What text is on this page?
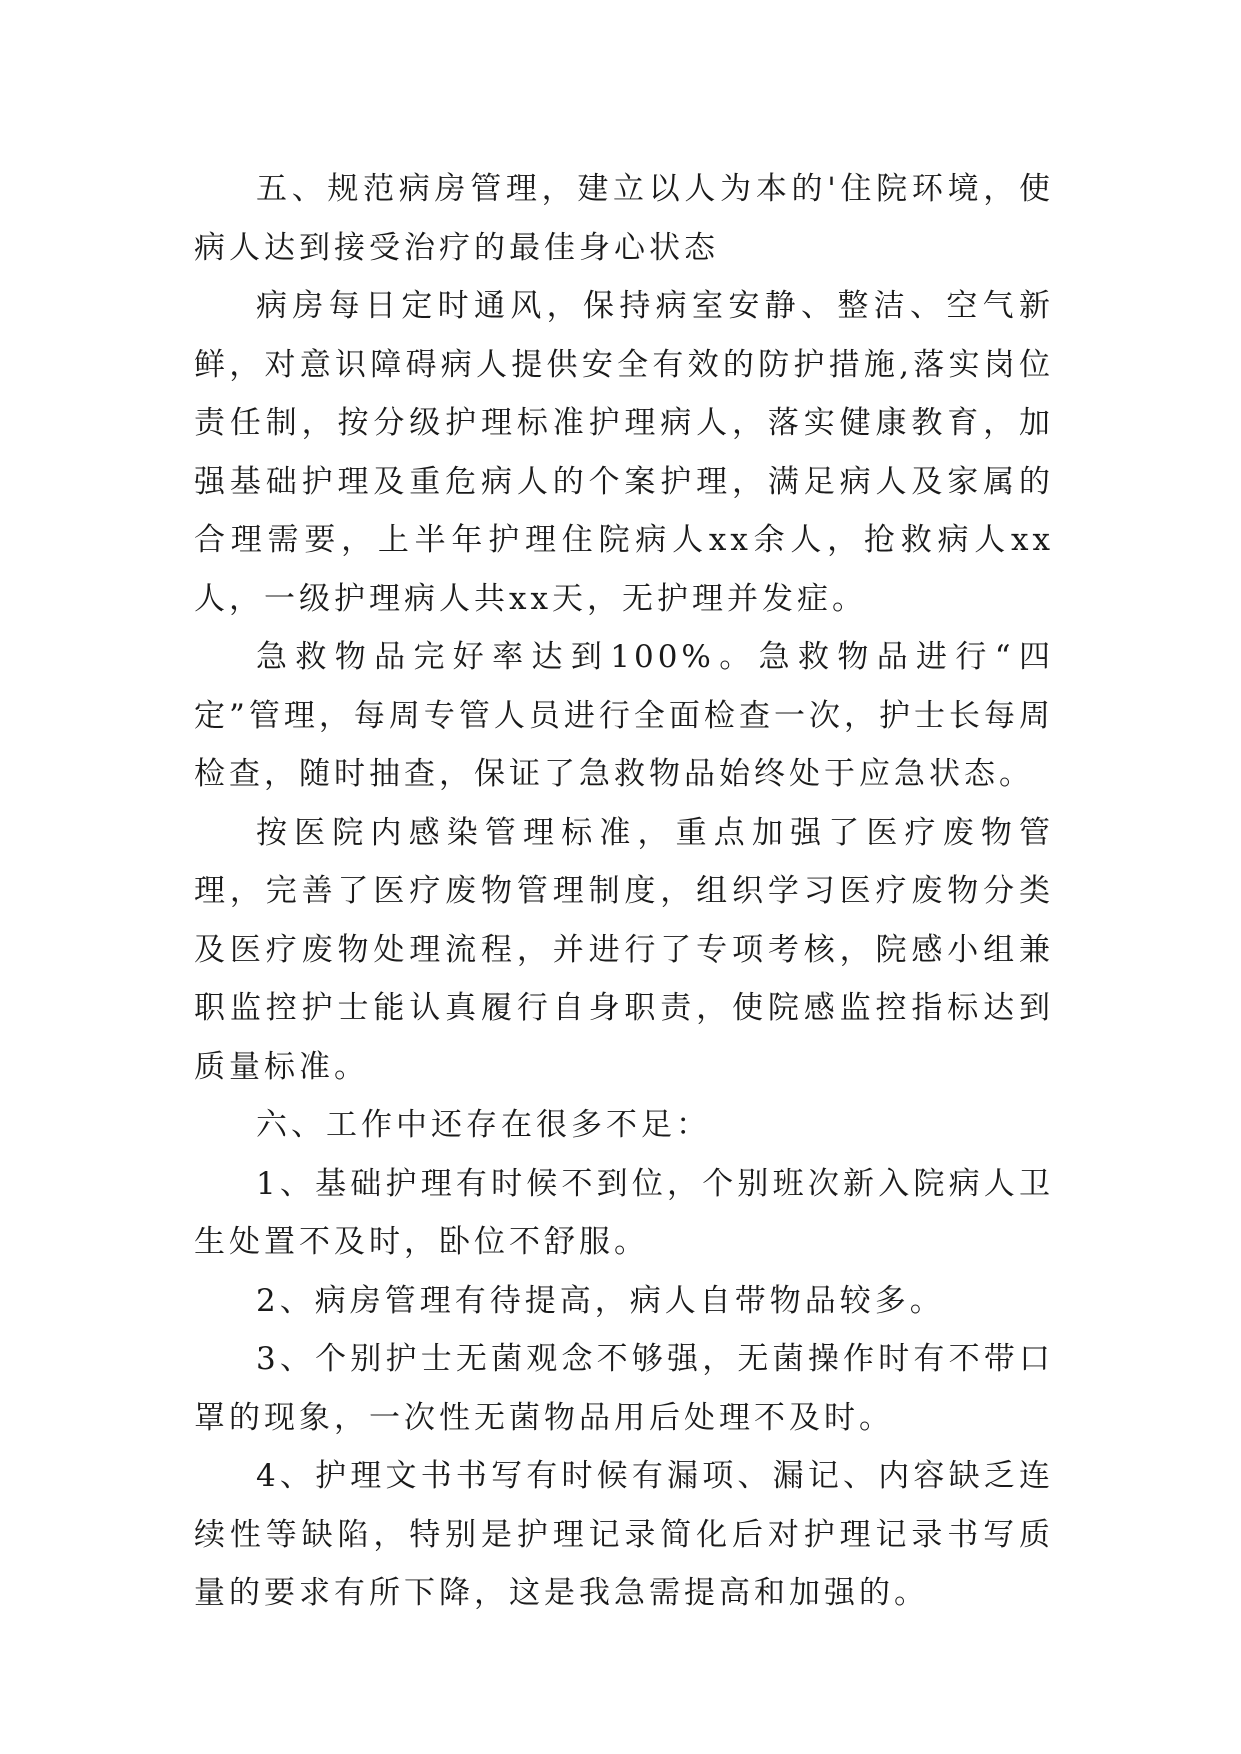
五、规范病房管理，建立以人为本的'住院环境，使病人达到接受治疗的最佳身心状态

病房每日定时通风，保持病室安静、整洁、空气新鲜，对意识障碍病人提供安全有效的防护措施,落实岗位责任制，按分级护理标准护理病人，落实健康教育，加强基础护理及重危病人的个案护理，满足病人及家属的合理需要，上半年护理住院病人xx余人，抢救病人xx人，一级护理病人共xx天，无护理并发症。

急救物品完好率达到100%。急救物品进行“四定”管理，每周专管人员进行全面检查一次，护士长每周检查，随时抽查，保证了急救物品始终处于应急状态。

按医院内感染管理标准，重点加强了医疗废物管理，完善了医疗废物管理制度，组织学习医疗废物分类及医疗废物处理流程，并进行了专项考核，院感小组兼职监控护士能认真履行自身职责，使院感监控指标达到质量标准。

六、工作中还存在很多不足：

1、基础护理有时候不到位，个别班次新入院病人卫生处置不及时，卧位不舒服。

2、病房管理有待提高，病人自带物品较多。

3、个别护士无菌观念不够强，无菌操作时有不带口罩的现象，一次性无菌物品用后处理不及时。

4、护理文书书写有时候有漏项、漏记、内容缺乏连续性等缺陷，特别是护理记录简化后对护理记录书写质量的要求有所下降，这是我急需提高和加强的。
